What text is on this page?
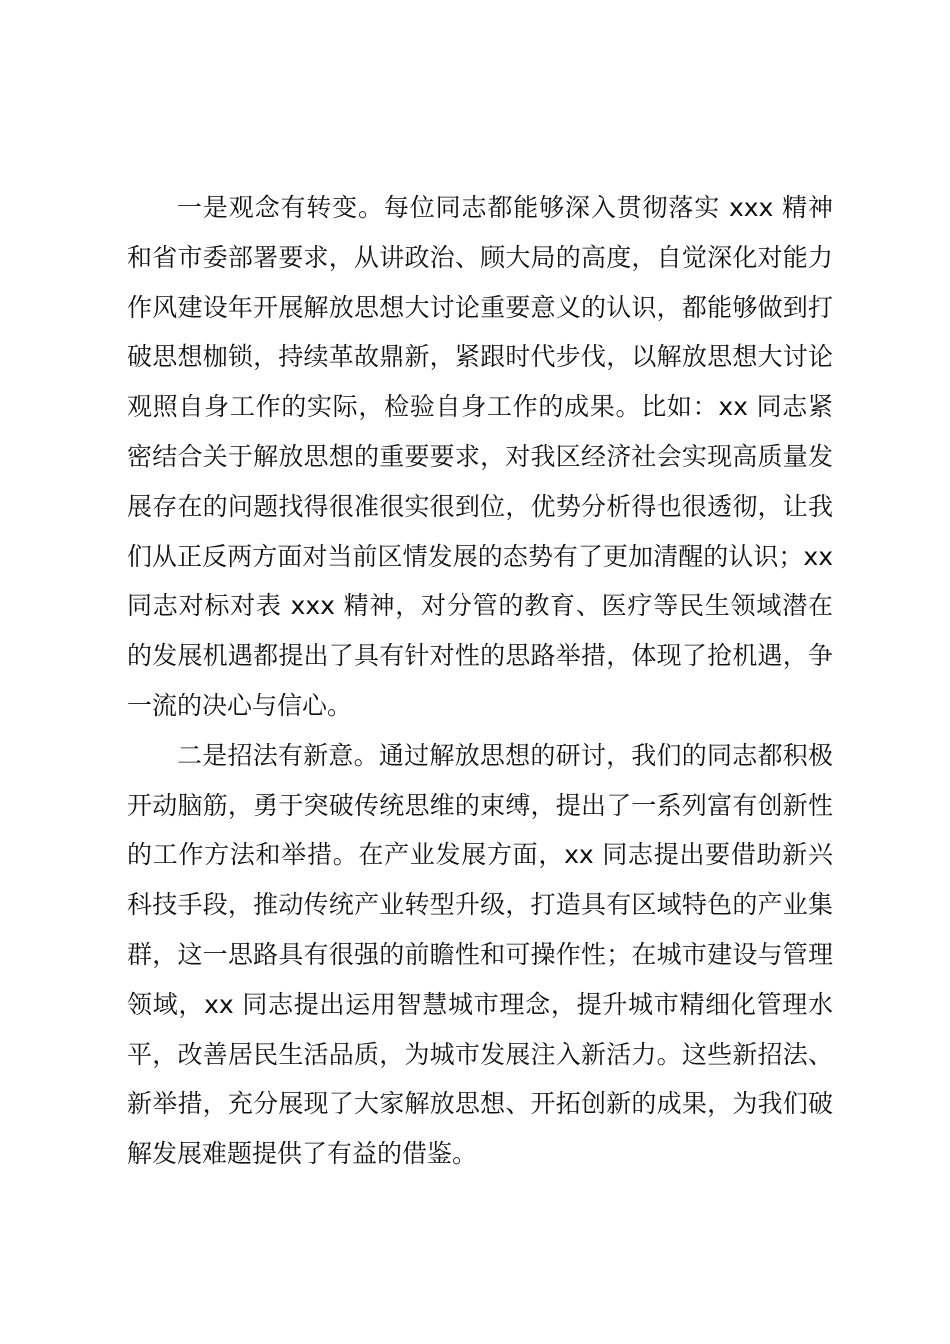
一是观念有转变。每位同志都能够深入贯彻落实 xxx 精神和省市委部署要求，从讲政治、顾大局的高度，自觉深化对能力作风建设年开展解放思想大讨论重要意义的认识，都能够做到打破思想枷锁，持续革故鼎新，紧跟时代步伐，以解放思想大讨论观照自身工作的实际，检验自身工作的成果。比如：xx 同志紧密结合关于解放思想的重要要求，对我区经济社会实现高质量发展存在的问题找得很准很实很到位，优势分析得也很透彻，让我们从正反两方面对当前区情发展的态势有了更加清醒的认识；xx 同志对标对表 xxx 精神，对分管的教育、医疗等民生领域潜在的发展机遇都提出了具有针对性的思路举措，体现了抢机遇，争一流的决心与信心。

二是招法有新意。通过解放思想的研讨，我们的同志都积极开动脑筋，勇于突破传统思维的束缚，提出了一系列富有创新性的工作方法和举措。在产业发展方面，xx 同志提出要借助新兴科技手段，推动传统产业转型升级，打造具有区域特色的产业集群，这一思路具有很强的前瞻性和可操作性；在城市建设与管理领域，xx 同志提出运用智慧城市理念，提升城市精细化管理水平，改善居民生活品质，为城市发展注入新活力。这些新招法、新举措，充分展现了大家解放思想、开拓创新的成果，为我们破解发展难题提供了有益的借鉴。
